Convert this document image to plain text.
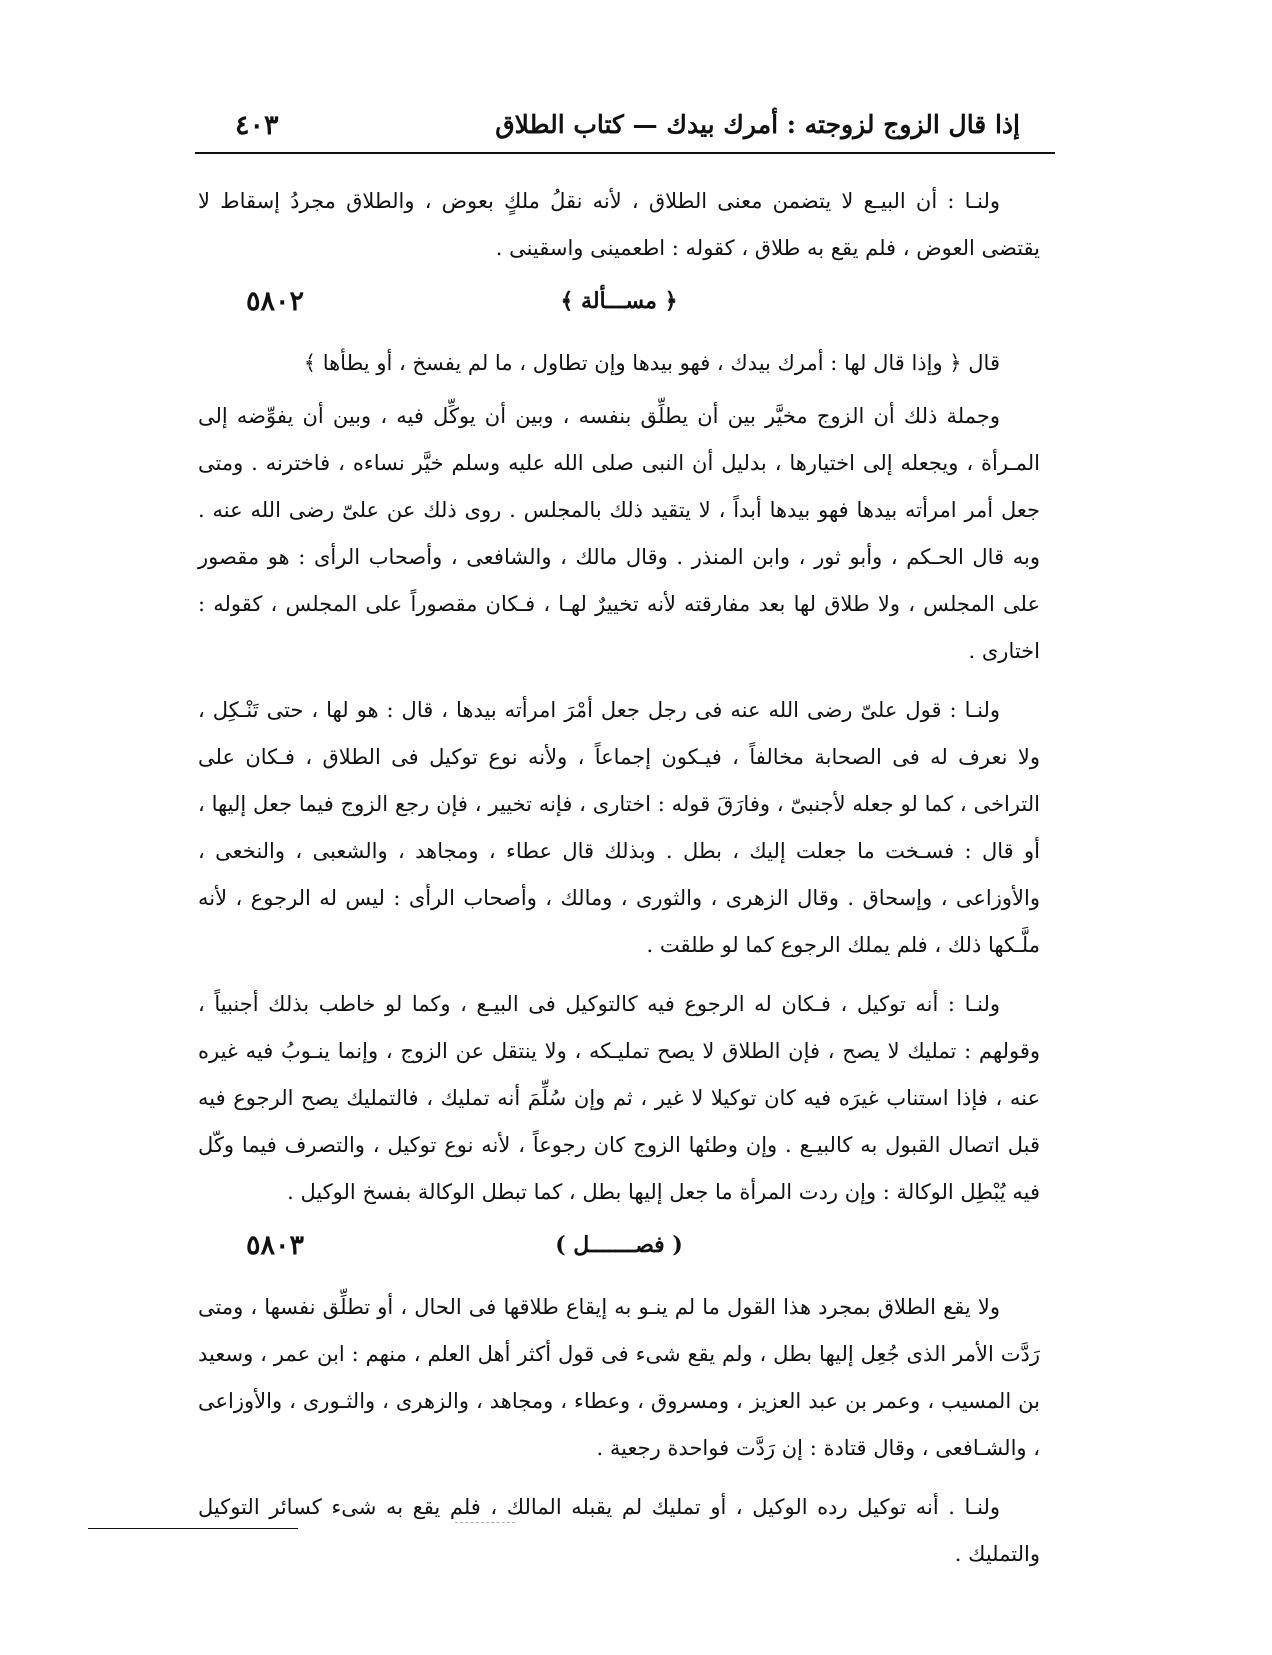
إذا قال الزوج لزوجته : أمرك بيدك — كتاب الطلاق
٤٠٣

ولنـا : أن البيـع لا يتضمن معنى الطلاق ، لأنه نقلُ ملكٍ بعوض ، والطلاق مجردُ إسقاط لا يقتضى العوض ، فلم يقع به طلاق ، كقوله : اطعمينى واسقينى .

٥٨٠٢	﴿ مســـألة ﴾

قال ﴿ وإذا قال لها : أمرك بيدك ، فهو بيدها وإن تطاول ، ما لم يفسخ ، أو يطأها ﴾

وجملة ذلك أن الزوج مخيَّر بين أن يطلِّق بنفسه ، وبين أن يوكِّل فيه ، وبين أن يفوِّضه إلى المـرأة ، ويجعله إلى اختيارها ، بدليل أن النبى صلى الله عليه وسلم خيَّر نساءه ، فاخترنه . ومتى جعل أمر امرأته بيدها فهو بيدها أبداً ، لا يتقيد ذلك بالمجلس . روى ذلك عن علىّ رضى الله عنه . وبه قال الحـكم ، وأبو ثور ، وابن المنذر . وقال مالك ، والشافعى ، وأصحاب الرأى : هو مقصور على المجلس ، ولا طلاق لها بعد مفارقته لأنه تخييرٌ لهـا ، فـكان مقصوراً على المجلس ، كقوله : اختارى .

ولنـا : قول علىّ رضى الله عنه فى رجل جعل أمْرَ امرأته بيدها ، قال : هو لها ، حتى تَنْـكِل ، ولا نعرف له فى الصحابة مخالفاً ، فيـكون إجماعاً ، ولأنه نوع توكيل فى الطلاق ، فـكان على التراخى ، كما لو جعله لأجنبىّ ، وفارَقَ قوله : اختارى ، فإنه تخيير ، فإن رجع الزوج فيما جعل إليها ، أو قال : فسـخت ما جعلت إليك ، بطل . وبذلك قال عطاء ، ومجاهد ، والشعبى ، والنخعى ، والأوزاعى ، وإسحاق . وقال الزهرى ، والثورى ، ومالك ، وأصحاب الرأى : ليس له الرجوع ، لأنه ملَّـكها ذلك ، فلم يملك الرجوع كما لو طلقت .

ولنـا : أنه توكيل ، فـكان له الرجوع فيه كالتوكيل فى البيـع ، وكما لو خاطب بذلك أجنبياً ، وقولهم : تمليك لا يصح ، فإن الطلاق لا يصح تمليـكه ، ولا ينتقل عن الزوج ، وإنما ينـوبُ فيه غيره عنه ، فإذا استناب غيرَه فيه كان توكيلا لا غير ، ثم وإن سُلِّمَ أنه تمليك ، فالتمليك يصح الرجوع فيه قبل اتصال القبول به كالبيـع . وإن وطئها الزوج كان رجوعاً ، لأنه نوع توكيل ، والتصرف فيما وكّل فيه يُبْطِل الوكالة : وإن ردت المرأة ما جعل إليها بطل ، كما تبطل الوكالة بفسخ الوكيل .

٥٨٠٣	( فصـــــــل )

ولا يقع الطلاق بمجرد هذا القول ما لم ينـو به إيقاع طلاقها فى الحال ، أو تطلِّق نفسها ، ومتى رَدَّت الأمر الذى جُعِل إليها بطل ، ولم يقع شىء فى قول أكثر أهل العلم ، منهم : ابن عمر ، وسعيد بن المسيب ، وعمر بن عبد العزيز ، ومسروق ، وعطاء ، ومجاهد ، والزهرى ، والثـورى ، والأوزاعى ، والشـافعى ، وقال قتادة : إن رَدَّت فواحدة رجعية .

ولنـا . أنه توكيل رده الوكيل ، أو تمليك لم يقبله المالك ، فلم يقع به شىء كسائر التوكيل والتمليك .
